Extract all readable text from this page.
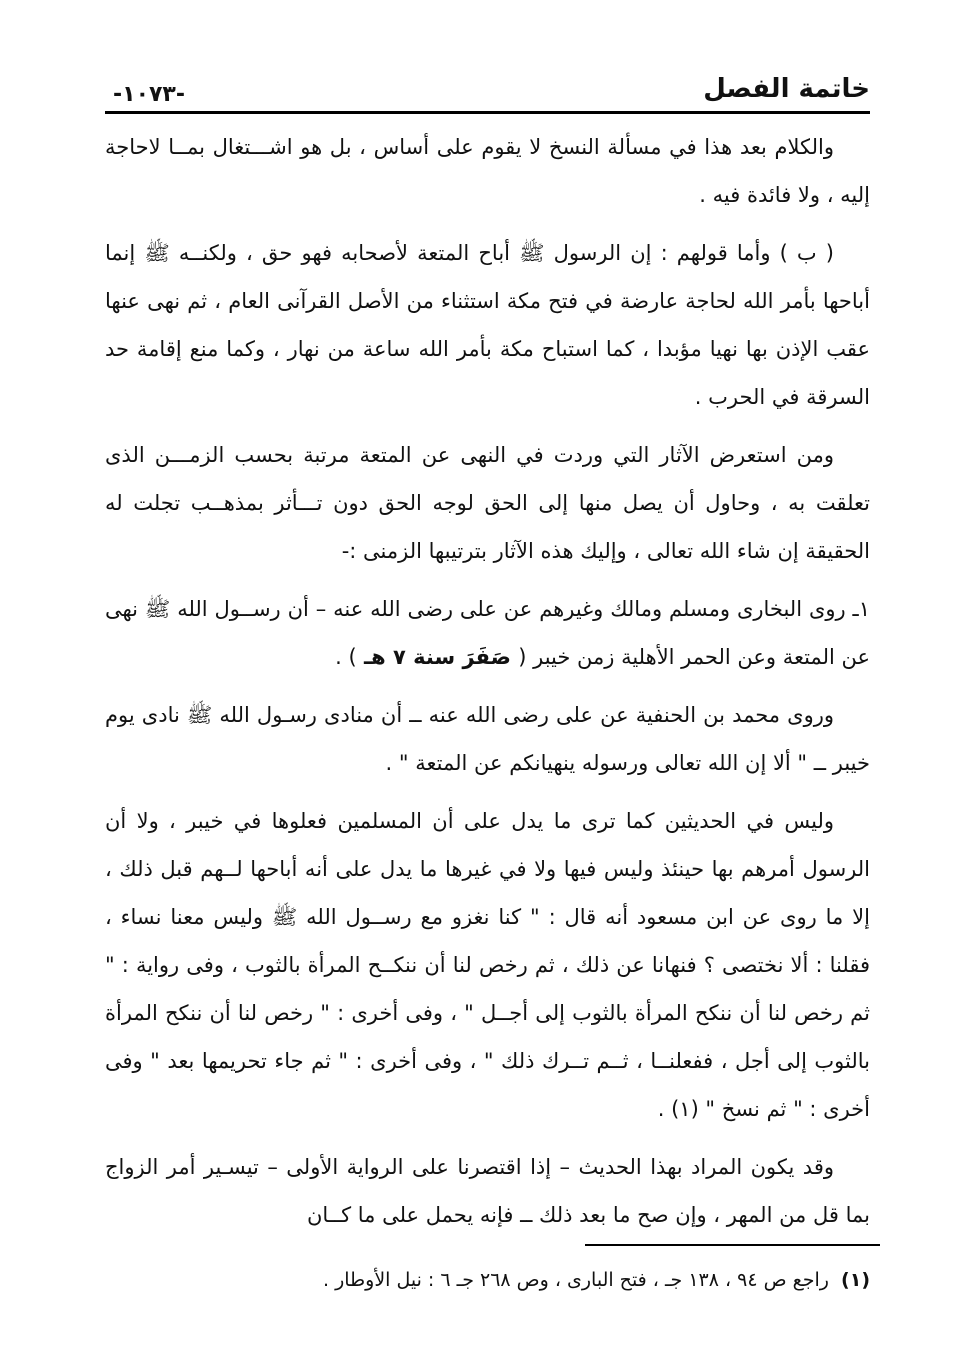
خاتمة الفصل
-١٠٧٣-

والكلام بعد هذا في مسألة النسخ لا يقوم على أساس ، بل هو اشـــتغال بمــا لاحاجة إليه ، ولا فائدة فيه .

( ب ) وأما قولهم : إن الرسول ﷺ أباح المتعة لأصحابه فهو حق ، ولكنــه ﷺ إنما أباحها بأمر الله لحاجة عارضة في فتح مكة استثناء من الأصل القرآنى العام ، ثم نهى عنها عقب الإذن بها نهيا مؤبدا ، كما استباح مكة بأمر الله ساعة من نهار ، وكما منع إقامة حد السرقة في الحرب .

ومن استعرض الآثار التي وردت في النهى عن المتعة مرتبة بحسب الزمـــن الذى تعلقت به ، وحاول أن يصل منها إلى الحق لوجه الحق دون تـــأثر بمذهــب تجلت له الحقيقة إن شاء الله تعالى ، وإليك هذه الآثار بترتيبها الزمنى :-

١ـ روى البخارى ومسلم ومالك وغيرهم عن على رضى الله عنه – أن رســول الله ﷺ نهى عن المتعة وعن الحمر الأهلية زمن خيبر ( صَفَرَ سنة ٧ هـ ) .

وروى محمد بن الحنفية عن على رضى الله عنه ــ أن منادى رسـول الله ﷺ نادى يوم خيبر ــ " ألا إن الله تعالى ورسوله ينهيانكم عن المتعة " .

وليس في الحديثين كما ترى ما يدل على أن المسلمين فعلوها في خيبر ، ولا أن الرسول أمرهم بها حينئذ وليس فيها ولا في غيرها ما يدل على أنه أباحها لــهم قبل ذلك ، إلا ما روى عن ابن مسعود أنه قال : " كنا نغزو مع رســول الله ﷺ وليس معنا نساء ، فقلنا : ألا نختصى ؟ فنهانا عن ذلك ، ثم رخص لنا أن ننكــح المرأة بالثوب ، وفى رواية : " ثم رخص لنا أن ننكح المرأة بالثوب إلى أجــل " ، وفى أخرى : " رخص لنا أن ننكح المرأة بالثوب إلى أجل ، ففعلنــا ، ثــم تــرك ذلك " ، وفى أخرى : " ثم جاء تحريمها بعد " وفى أخرى : " ثم نسخ " (١) .

وقد يكون المراد بهذا الحديث – إذا اقتصرنا على الرواية الأولى – تيسـير أمر الزواج بما قل من المهر ، وإن صح ما بعد ذلك ــ فإنه يحمل على ما كــان

(١) راجع ص ٩٤ ، ١٣٨ جـ ، فتح البارى ، وص ٢٦٨ جـ ٦ : نيل الأوطار .
